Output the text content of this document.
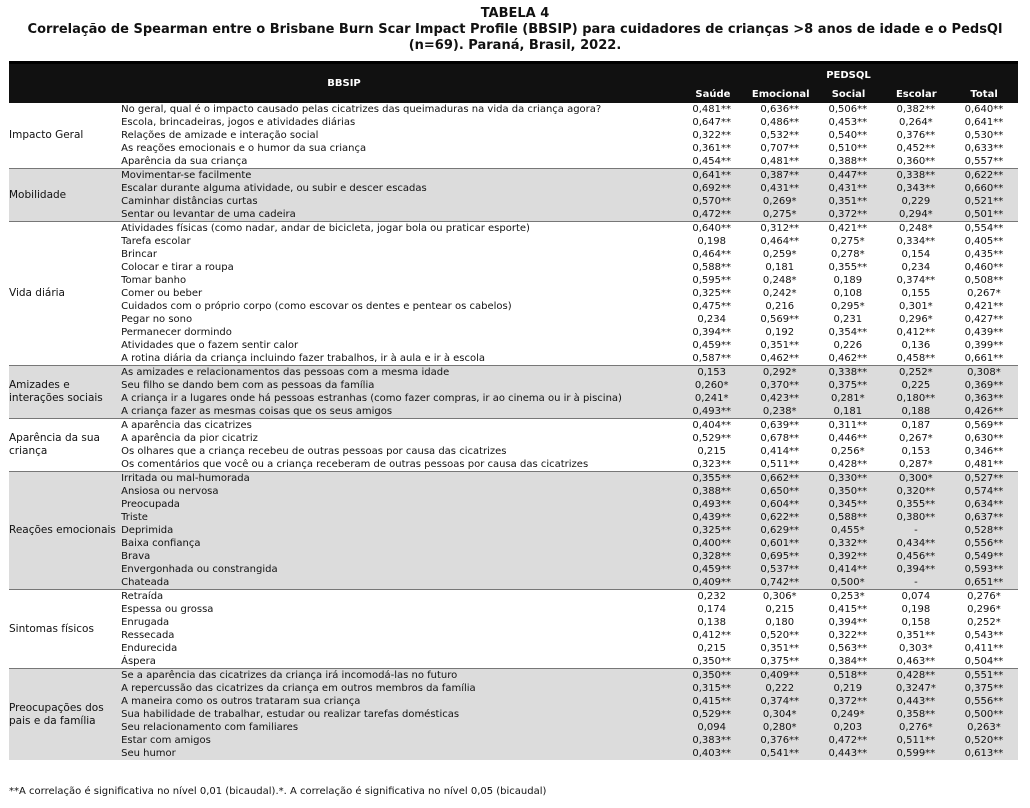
TABELA 4
Correlação de Spearman entre o Brisbane Burn Scar Impact Profile (BBSIP) para cuidadores de crianças >8 anos de idade e o PedsQl (n=69). Paraná, Brasil, 2022.
BBSIP
PEDSQL
Saúde	Emocional	Social	Escolar	Total
Impacto Geral	No geral, qual é o impacto causado pelas cicatrizes das queimaduras na vida da criança agora?	0,481**	0,636**	0,506**	0,382**	0,640**
	Escola, brincadeiras, jogos e atividades diárias	0,647**	0,486**	0,453**	0,264*	0,641**
	Relações de amizade e interação social	0,322**	0,532**	0,540**	0,376**	0,530**
	As reações emocionais e o humor da sua criança	0,361**	0,707**	0,510**	0,452**	0,633**
	Aparência da sua criança	0,454**	0,481**	0,388**	0,360**	0,557**
Mobilidade	Movimentar-se facilmente	0,641**	0,387**	0,447**	0,338**	0,622**
	Escalar durante alguma atividade, ou subir e descer escadas	0,692**	0,431**	0,431**	0,343**	0,660**
	Caminhar distâncias curtas	0,570**	0,269*	0,351**	0,229	0,521**
	Sentar ou levantar de uma cadeira	0,472**	0,275*	0,372**	0,294*	0,501**
Vida diária	Atividades físicas (como nadar, andar de bicicleta, jogar bola ou praticar esporte)	0,640**	0,312**	0,421**	0,248*	0,554**
	Tarefa escolar	0,198	0,464**	0,275*	0,334**	0,405**
	Brincar	0,464**	0,259*	0,278*	0,154	0,435**
	Colocar e tirar a roupa	0,588**	0,181	0,355**	0,234	0,460**
	Tomar banho	0,595**	0,248*	0,189	0,374**	0,508**
	Comer ou beber	0,325**	0,242*	0,108	0,155	0,267*
	Cuidados com o próprio corpo (como escovar os dentes e pentear os cabelos)	0,475**	0,216	0,295*	0,301*	0,421**
	Pegar no sono	0,234	0,569**	0,231	0,296*	0,427**
	Permanecer dormindo	0,394**	0,192	0,354**	0,412**	0,439**
	Atividades que o fazem sentir calor	0,459**	0,351**	0,226	0,136	0,399**
	A rotina diária da criança incluindo fazer trabalhos, ir à aula e ir à escola	0,587**	0,462**	0,462**	0,458**	0,661**
Amizades e interações sociais	As amizades e relacionamentos das pessoas com a mesma idade	0,153	0,292*	0,338**	0,252*	0,308*
	Seu filho se dando bem com as pessoas da família	0,260*	0,370**	0,375**	0,225	0,369**
	A criança ir a lugares onde há pessoas estranhas (como fazer compras, ir ao cinema ou ir à piscina)	0,241*	0,423**	0,281*	0,180**	0,363**
	A criança fazer as mesmas coisas que os seus amigos	0,493**	0,238*	0,181	0,188	0,426**
Aparência da sua criança	A aparência das cicatrizes	0,404**	0,639**	0,311**	0,187	0,569**
	A aparência da pior cicatriz	0,529**	0,678**	0,446**	0,267*	0,630**
	Os olhares que a criança recebeu de outras pessoas por causa das cicatrizes	0,215	0,414**	0,256*	0,153	0,346**
	Os comentários que você ou a criança receberam de outras pessoas por causa das cicatrizes	0,323**	0,511**	0,428**	0,287*	0,481**
Reações emocionais	Irritada ou mal-humorada	0,355**	0,662**	0,330**	0,300*	0,527**
	Ansiosa ou nervosa	0,388**	0,650**	0,350**	0,320**	0,574**
	Preocupada	0,493**	0,604**	0,345**	0,355**	0,634**
	Triste	0,439**	0,622**	0,588**	0,380**	0,637**
	Deprimida	0,325**	0,629**	0,455*	-	0,528**
	Baixa confiança	0,400**	0,601**	0,332**	0,434**	0,556**
	Brava	0,328**	0,695**	0,392**	0,456**	0,549**
	Envergonhada ou constrangida	0,459**	0,537**	0,414**	0,394**	0,593**
	Chateada	0,409**	0,742**	0,500*	-	0,651**
Sintomas físicos	Retraída	0,232	0,306*	0,253*	0,074	0,276*
	Espessa ou grossa	0,174	0,215	0,415**	0,198	0,296*
	Enrugada	0,138	0,180	0,394**	0,158	0,252*
	Ressecada	0,412**	0,520**	0,322**	0,351**	0,543**
	Endurecida	0,215	0,351**	0,563**	0,303*	0,411**
	Áspera	0,350**	0,375**	0,384**	0,463**	0,504**
Preocupações dos pais e da família	Se a aparência das cicatrizes da criança irá incomodá-las no futuro	0,350**	0,409**	0,518**	0,428**	0,551**
	A repercussão das cicatrizes da criança em outros membros da família	0,315**	0,222	0,219	0,3247*	0,375**
	A maneira como os outros trataram sua criança	0,415**	0,374**	0,372**	0,443**	0,556**
	Sua habilidade de trabalhar, estudar ou realizar tarefas domésticas	0,529**	0,304*	0,249*	0,358**	0,500**
	Seu relacionamento com familiares	0,094	0,280*	0,203	0,276*	0,263*
	Estar com amigos	0,383**	0,376**	0,472**	0,511**	0,520**
	Seu humor	0,403**	0,541**	0,443**	0,599**	0,613**
**A correlação é significativa no nível 0,01 (bicaudal).*. A correlação é significativa no nível 0,05 (bicaudal)
